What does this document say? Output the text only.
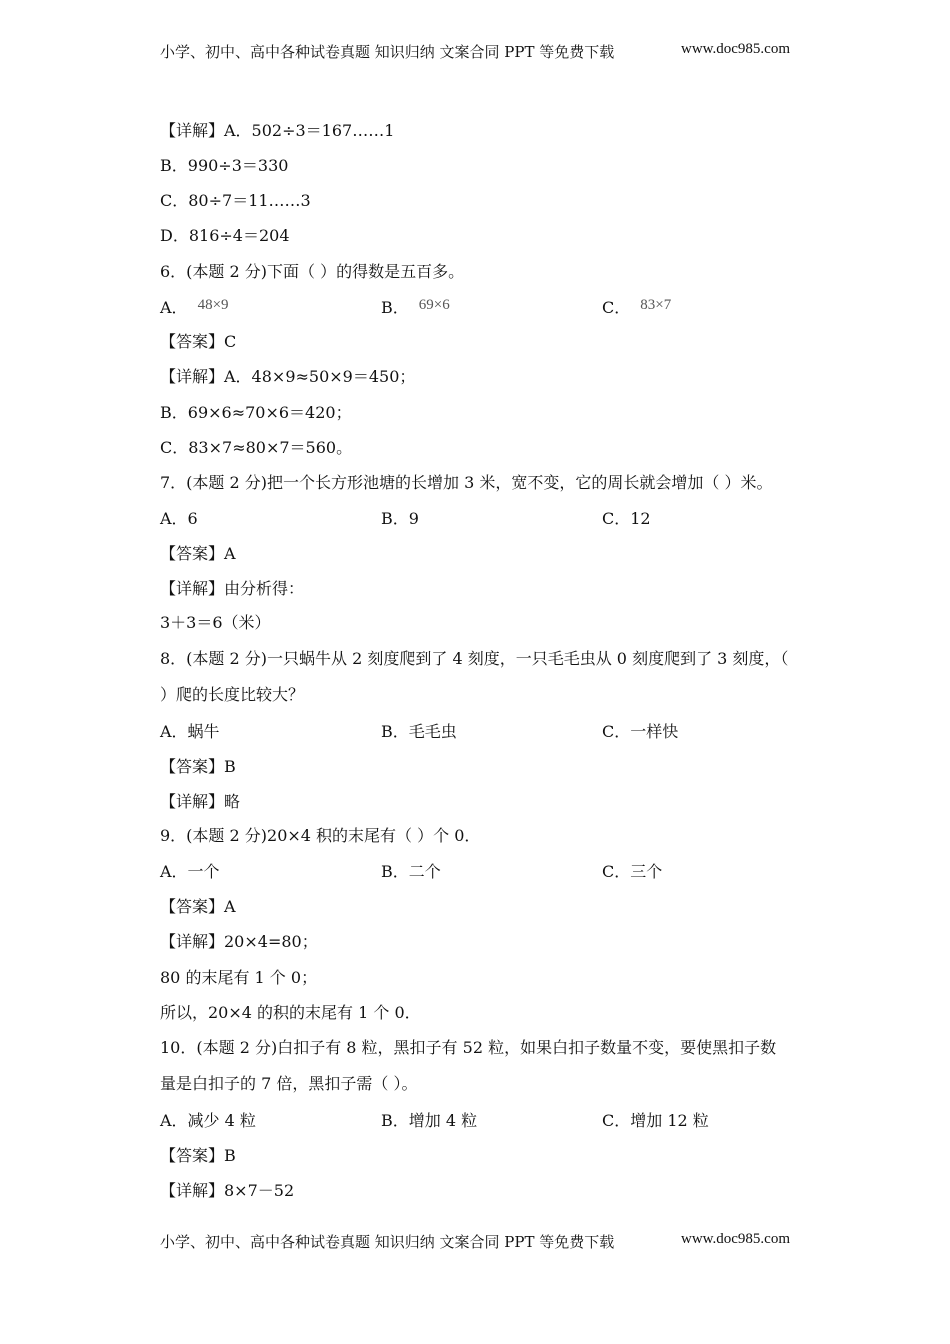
小学、初中、高中各种试卷真题 知识归纳 文案合同 PPT 等免费下载	www.doc985.com
【详解】A．502÷3＝167……1
B．990÷3＝330
C．80÷7＝11……3
D．816÷4＝204
6．(本题 2 分)下面（ ）的得数是五百多。
A． 48×9	B． 69×6	C． 83×7
【答案】C
【详解】A．48×9≈50×9＝450；
B．69×6≈70×6＝420；
C．83×7≈80×7＝560。
7．(本题 2 分)把一个长方形池塘的长增加 3 米，宽不变，它的周长就会增加（ ）米。
A．6	B．9	C．12
【答案】A
【详解】由分析得：
3＋3＝6（米）
8．(本题 2 分)一只蜗牛从 2 刻度爬到了 4 刻度，一只毛毛虫从 0 刻度爬到了 3 刻度，（
）爬的长度比较大？
A．蜗牛	B．毛毛虫	C．一样快
【答案】B
【详解】略
9．(本题 2 分)20×4 积的末尾有（ ）个 0．
A．一个	B．二个	C．三个
【答案】A
【详解】20×4=80；
80 的末尾有 1 个 0；
所以，20×4 的积的末尾有 1 个 0．
10．(本题 2 分)白扣子有 8 粒，黑扣子有 52 粒，如果白扣子数量不变，要使黑扣子数
量是白扣子的 7 倍，黑扣子需（ ）。
A．减少 4 粒	B．增加 4 粒	C．增加 12 粒
【答案】B
【详解】8×7－52
小学、初中、高中各种试卷真题 知识归纳 文案合同 PPT 等免费下载	www.doc985.com
